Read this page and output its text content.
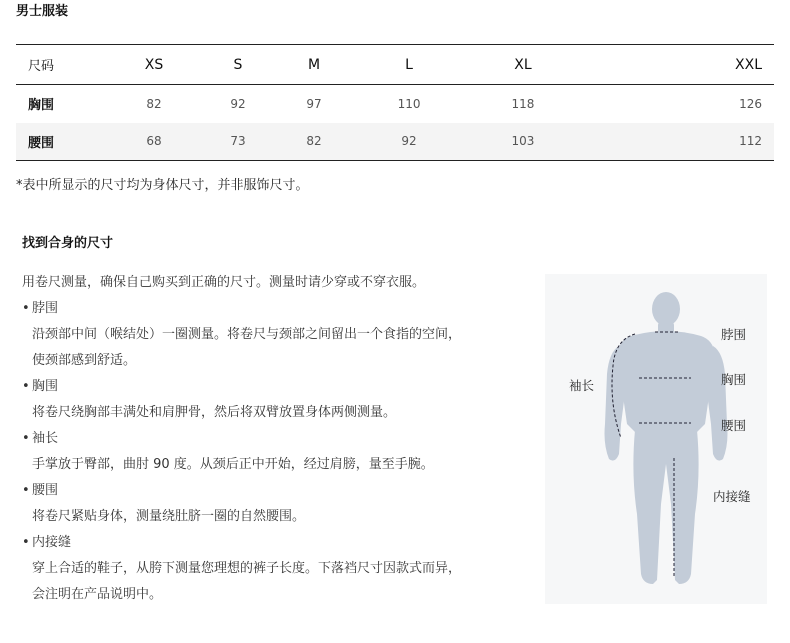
男士服装
尺码	XS	S	M	L	XL	XXL
胸围	82	92	97	110	118	126
腰围	68	73	82	92	103	112
*表中所显示的尺寸均为身体尺寸，并非服饰尺寸。
找到合身的尺寸
用卷尺测量，确保自己购买到正确的尺寸。测量时请少穿或不穿衣服。
• 脖围
沿颈部中间（喉结处）一圈测量。将卷尺与颈部之间留出一个食指的空间，
使颈部感到舒适。
• 胸围
将卷尺绕胸部丰满处和肩胛骨，然后将双臂放置身体两侧测量。
• 袖长
手掌放于臀部，曲肘 90 度。从颈后正中开始，经过肩膀，量至手腕。
• 腰围
将卷尺紧贴身体，测量绕肚脐一圈的自然腰围。
• 内接缝
穿上合适的鞋子，从胯下测量您理想的裤子长度。下落裆尺寸因款式而异，
会注明在产品说明中。
脖围
胸围
腰围
袖长
内接缝
